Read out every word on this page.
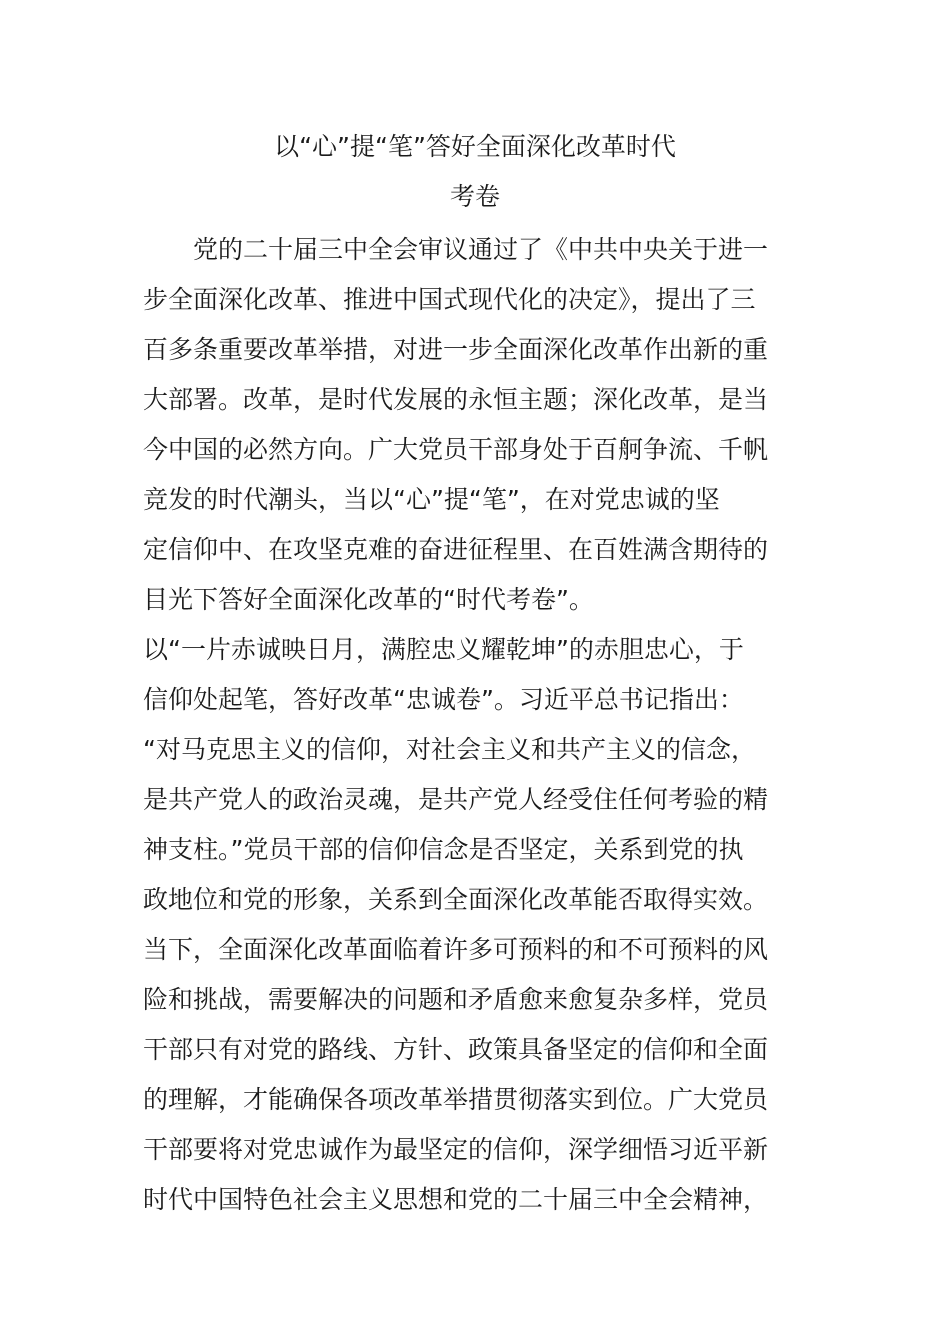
以“心”提“笔”答好全面深化改革时代
考卷
　　党的二十届三中全会审议通过了《中共中央关于进一
步全面深化改革、推进中国式现代化的决定》，提出了三
百多条重要改革举措，对进一步全面深化改革作出新的重
大部署。改革，是时代发展的永恒主题；深化改革，是当
今中国的必然方向。广大党员干部身处于百舸争流、千帆
竞发的时代潮头，当以“心”提“笔”，在对党忠诚的坚
定信仰中、在攻坚克难的奋进征程里、在百姓满含期待的
目光下答好全面深化改革的“时代考卷”。
以“一片赤诚映日月，满腔忠义耀乾坤”的赤胆忠心，于
信仰处起笔，答好改革“忠诚卷”。习近平总书记指出：
“对马克思主义的信仰，对社会主义和共产主义的信念，
是共产党人的政治灵魂，是共产党人经受住任何考验的精
神支柱。”党员干部的信仰信念是否坚定，关系到党的执
政地位和党的形象，关系到全面深化改革能否取得实效。
当下，全面深化改革面临着许多可预料的和不可预料的风
险和挑战，需要解决的问题和矛盾愈来愈复杂多样，党员
干部只有对党的路线、方针、政策具备坚定的信仰和全面
的理解，才能确保各项改革举措贯彻落实到位。广大党员
干部要将对党忠诚作为最坚定的信仰，深学细悟习近平新
时代中国特色社会主义思想和党的二十届三中全会精神，
